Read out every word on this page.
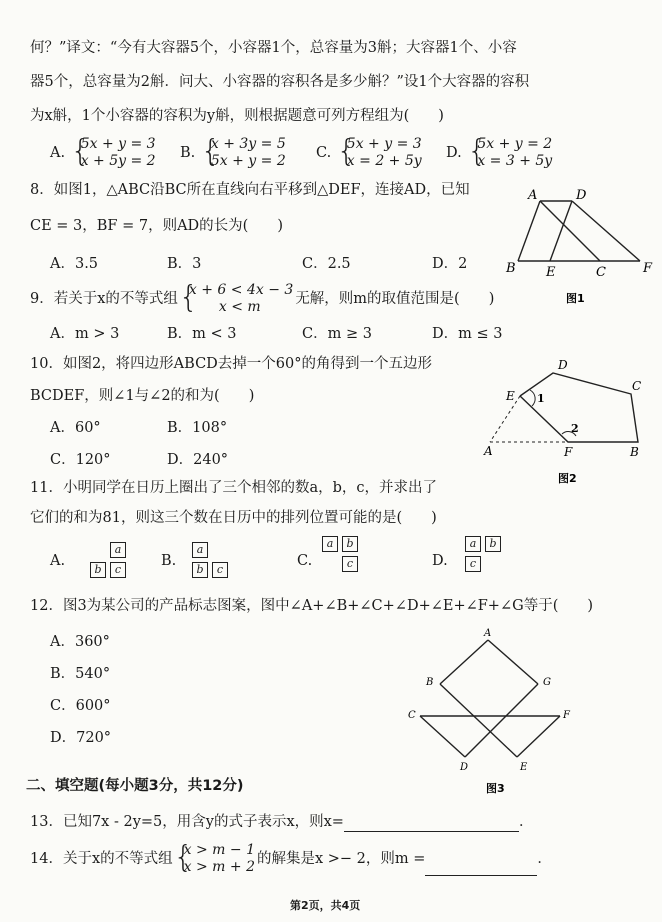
何？”译文：“今有大容器5个，小容器1个，总容量为3斛；大容器1个、小容
器5个，总容量为2斛．问大、小容器的容积各是多少斛？”设1个大容器的容积
为x斛，1个小容器的容积为y斛，则根据题意可列方程组为(　　)
A. {
5x + y = 3
x + 5y = 2 B. {
x + 3y = 5
5x + y = 2 C. {
5x + y = 3
x = 2 + 5y D. {
5x + y = 2
x = 3 + 5y
8．如图1，△ABC沿BC所在直线向右平移到△DEF，连接AD，已知
CE = 3，BF = 7，则AD的长为(　　)
A．3.5	B．3	C．2.5	D．2
A	D
B E	C	F
图1
9．若关于x的不等式组 {
x + 6 < 4x − 3
x < m	无解，则m的取值范围是(　　)
A．m > 3	B．m < 3	C．m ≥ 3	D．m ≤ 3
10．如图2，将四边形ABCD去掉一个60°的角得到一个五边形
BCDEF，则∠1与∠2的和为(　　)
A．60°	B．108°
C．120°	D．240°
D
C
E 1
2
A	F	B
图2
11．小明同学在日历上圈出了三个相邻的数a，b，c，并求出了
它们的和为81，则这三个数在日历中的排列位置可能的是(　　)
A.
a
b	c
B.
a
b	c
C.
a	b
c	D.
a	b
c
12．图3为某公司的产品标志图案，图中∠A+∠B+∠C+∠D+∠E+∠F+∠G等于(　　)
A．360°
B．540°
C．600°
D．720°
A
B	G
C	F
D	E
图3
二、填空题(每小题3分，共12分)
13．已知7x - 2y=5，用含y的式子表示x，则x=	．
14．关于x的不等式组 {
x > m − 1
x > m + 2 的解集是x >− 2，则m =	．
第2页，共4页
